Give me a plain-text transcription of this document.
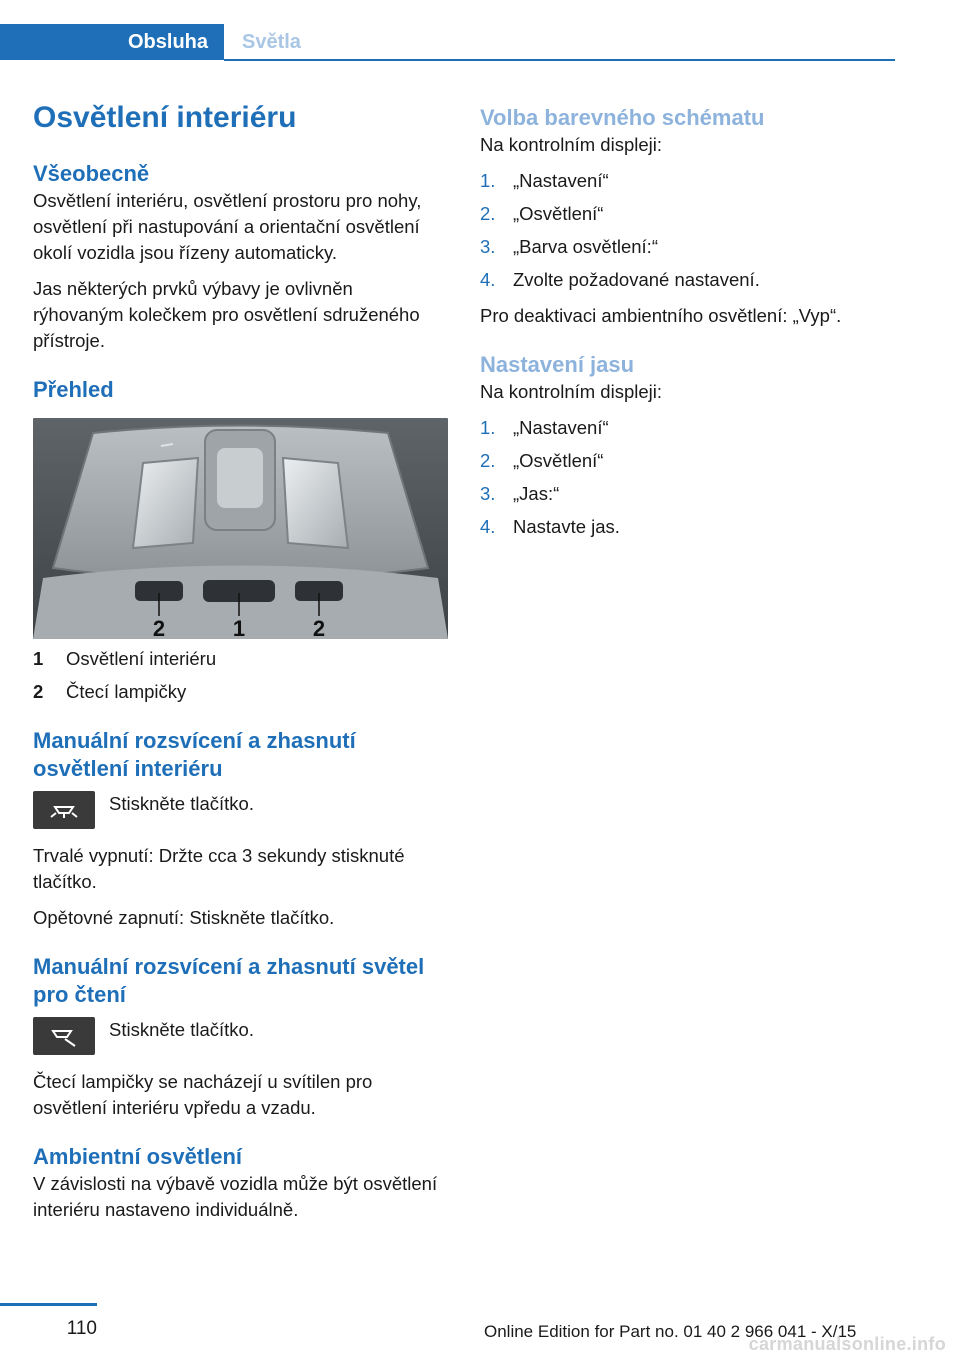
Obsluha	Světla
Osvětlení interiéru
Všeobecně

Osvětlení interiéru, osvětlení prostoru pro nohy, osvětlení při nastupování a orientační osvětlení okolí vozidla jsou řízeny automaticky.

Jas některých prvků výbavy je ovlivněn rýhovaným kolečkem pro osvětlení sdruženého přístroje.

Přehled
2	1	2
1	Osvětlení interiéru
2	Čtecí lampičky
Manuální rozsvícení a zhasnutí osvětlení interiéru

Stiskněte tlačítko.

Trvalé vypnutí: Držte cca 3 sekundy stisknuté tlačítko.

Opětovné zapnutí: Stiskněte tlačítko.

Manuální rozsvícení a zhasnutí světel pro čtení

Stiskněte tlačítko.

Čtecí lampičky se nacházejí u svítilen pro osvětlení interiéru vpředu a vzadu.

Ambientní osvětlení

V závislosti na výbavě vozidla může být osvětlení interiéru nastaveno individuálně.

Volba barevného schématu

Na kontrolním displeji:

1. „Nastavení“
2. „Osvětlení“
3. „Barva osvětlení:“
4. Zvolte požadované nastavení.

Pro deaktivaci ambientního osvětlení: „Vyp“.

Nastavení jasu

Na kontrolním displeji:

1. „Nastavení“
2. „Osvětlení“
3. „Jas:“
4. Nastavte jas.
110	Online Edition for Part no. 01 40 2 966 041 - X/15
carmanualsonline.info
